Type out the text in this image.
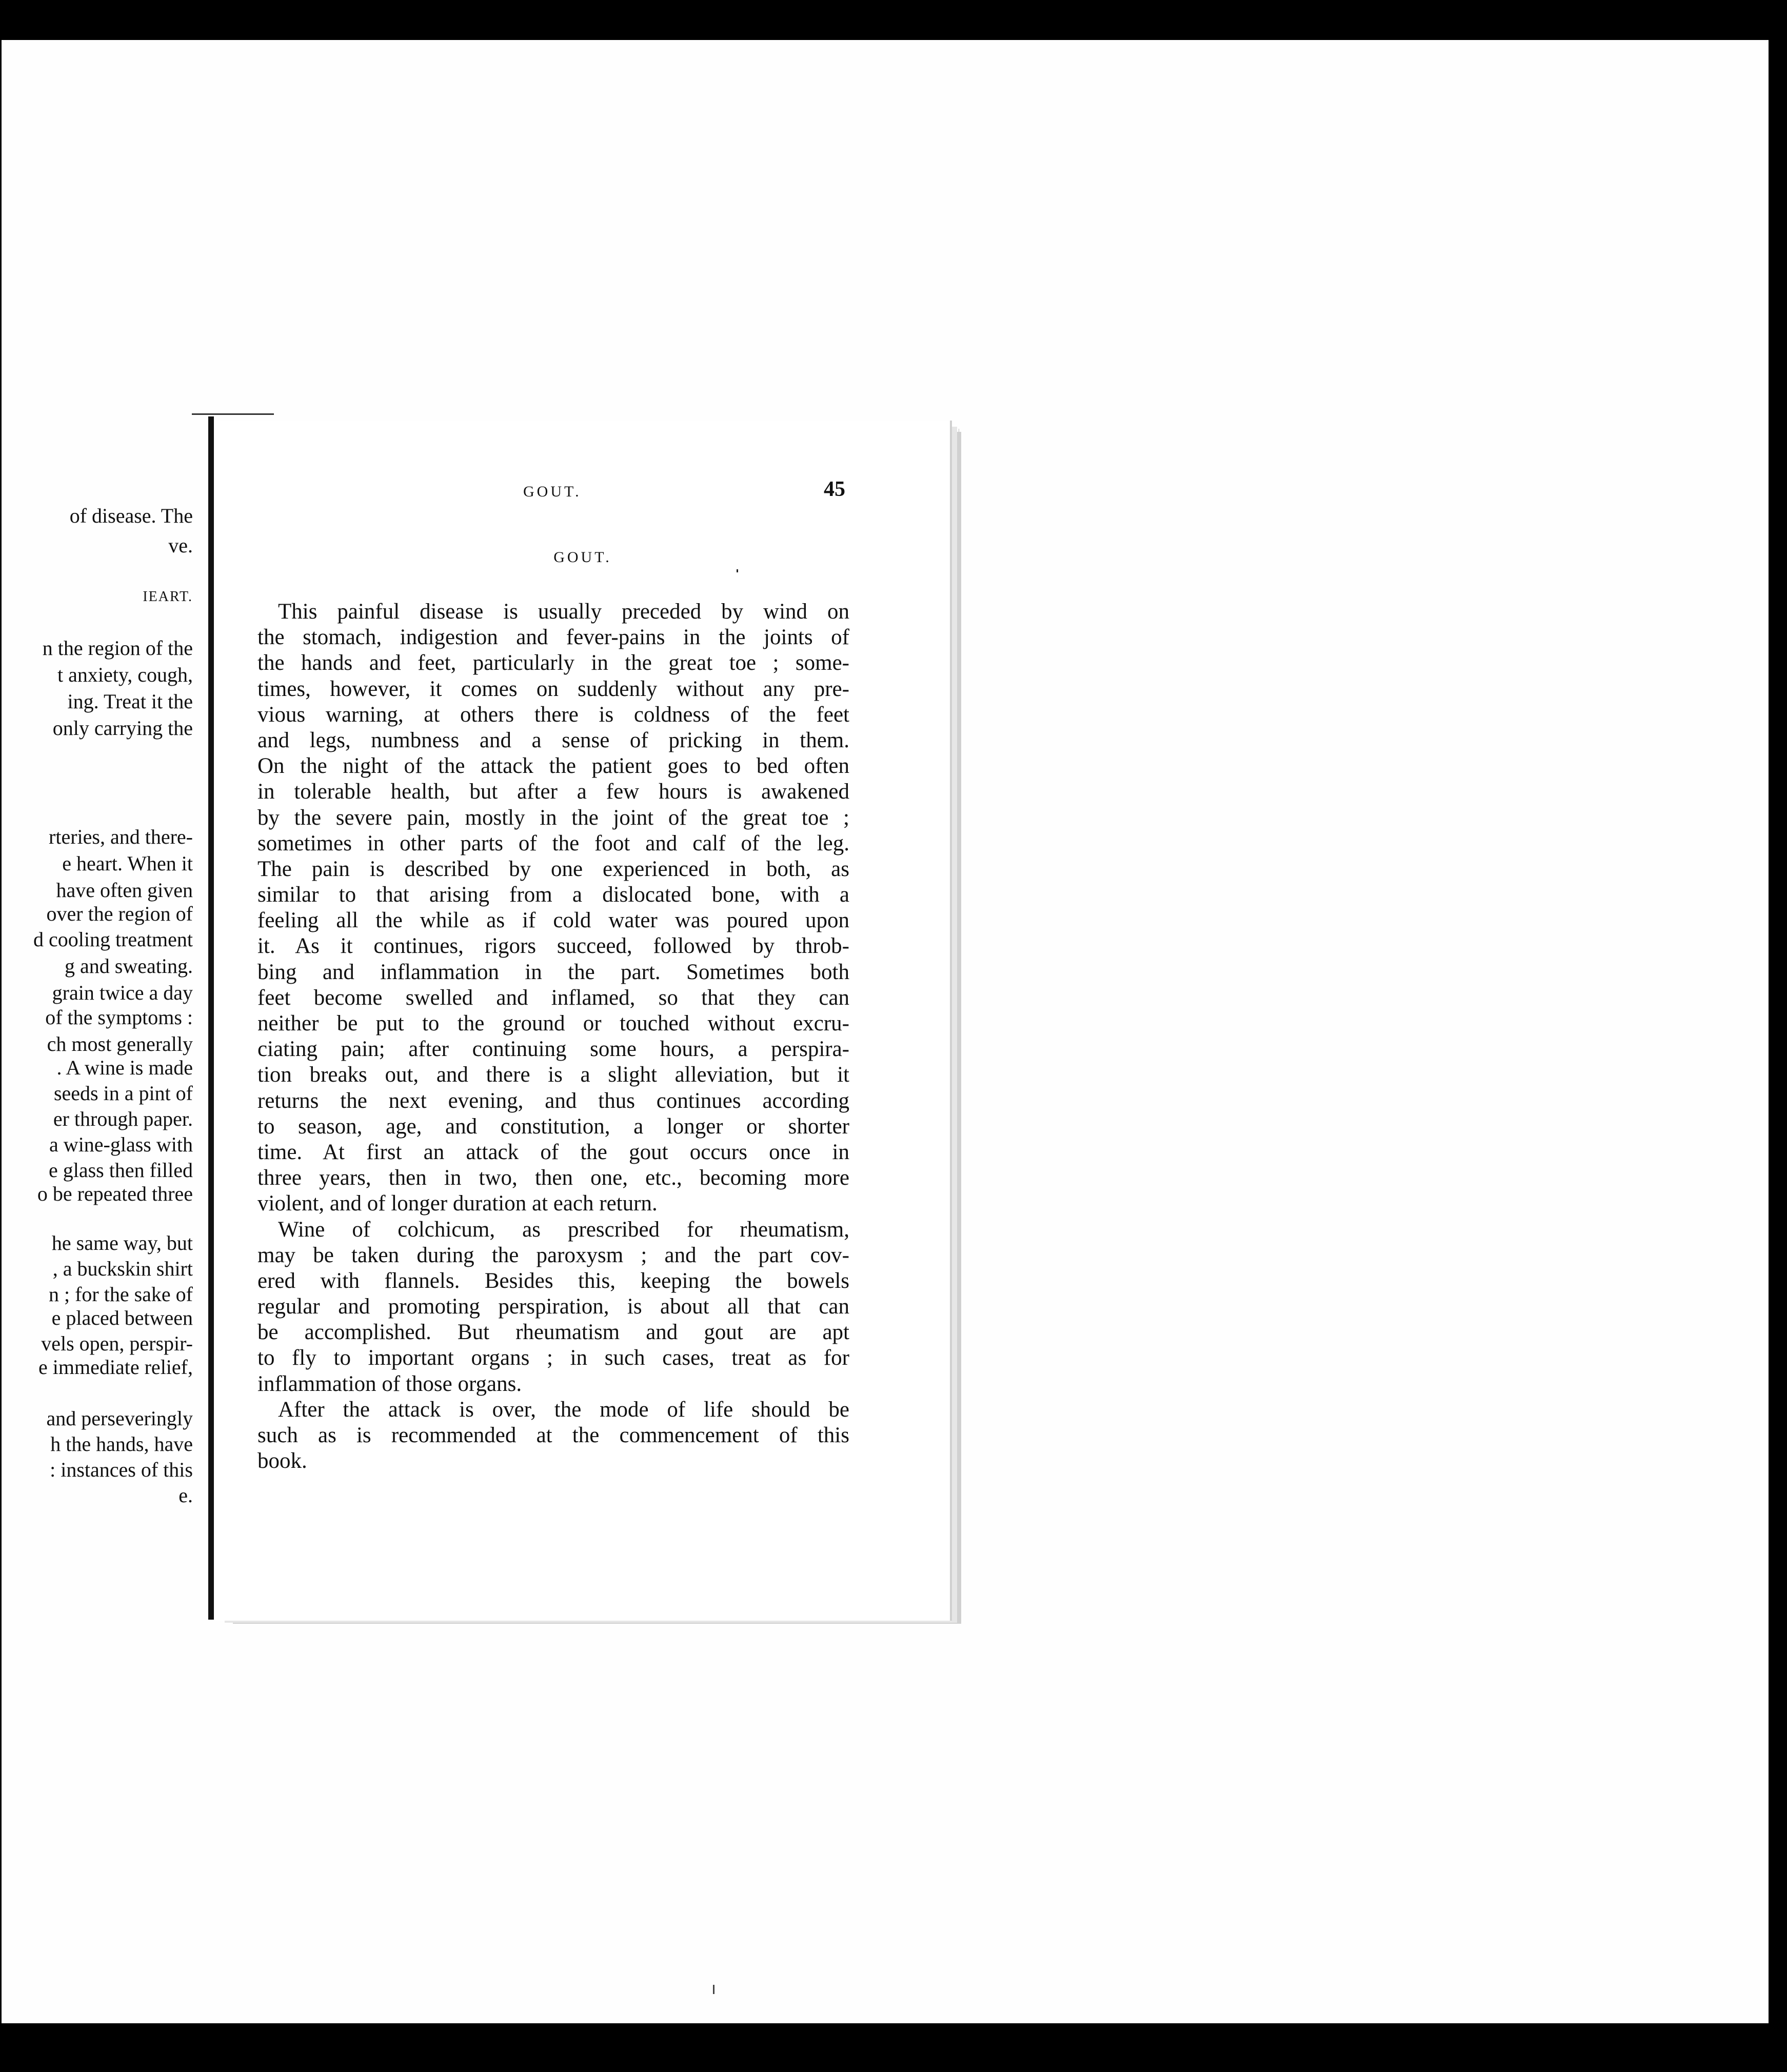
of disease. The
ve.
IEART.
n the region of the
t anxiety, cough,
ing. Treat it the
only carrying the
rteries, and there-
e heart. When it
have often given
over the region of
d cooling treatment
g and sweating.
grain twice a day
of the symptoms :
ch most generally
. A wine is made
seeds in a pint of
er through paper.
a wine-glass with
e glass then filled
o be repeated three
he same way, but
, a buckskin shirt
n ; for the sake of
e placed between
vels open, perspir-
e immediate relief,
and perseveringly
h the hands, have
: instances of this
e.
GOUT.	45
GOUT.
This painful disease is usually preceded by wind on
the stomach, indigestion and fever-pains in the joints of
the hands and feet, particularly in the great toe ; some-
times, however, it comes on suddenly without any pre-
vious warning, at others there is coldness of the feet
and legs, numbness and a sense of pricking in them.
On the night of the attack the patient goes to bed often
in tolerable health, but after a few hours is awakened
by the severe pain, mostly in the joint of the great toe ;
sometimes in other parts of the foot and calf of the leg.
The pain is described by one experienced in both, as
similar to that arising from a dislocated bone, with a
feeling all the while as if cold water was poured upon
it. As it continues, rigors succeed, followed by throb-
bing and inflammation in the part. Sometimes both
feet become swelled and inflamed, so that they can
neither be put to the ground or touched without excru-
ciating pain; after continuing some hours, a perspira-
tion breaks out, and there is a slight alleviation, but it
returns the next evening, and thus continues according
to season, age, and constitution, a longer or shorter
time. At first an attack of the gout occurs once in
three years, then in two, then one, etc., becoming more
violent, and of longer duration at each return.
Wine of colchicum, as prescribed for rheumatism,
may be taken during the paroxysm ; and the part cov-
ered with flannels. Besides this, keeping the bowels
regular and promoting perspiration, is about all that can
be accomplished. But rheumatism and gout are apt
to fly to important organs ; in such cases, treat as for
inflammation of those organs.
After the attack is over, the mode of life should be
such as is recommended at the commencement of this
book.
